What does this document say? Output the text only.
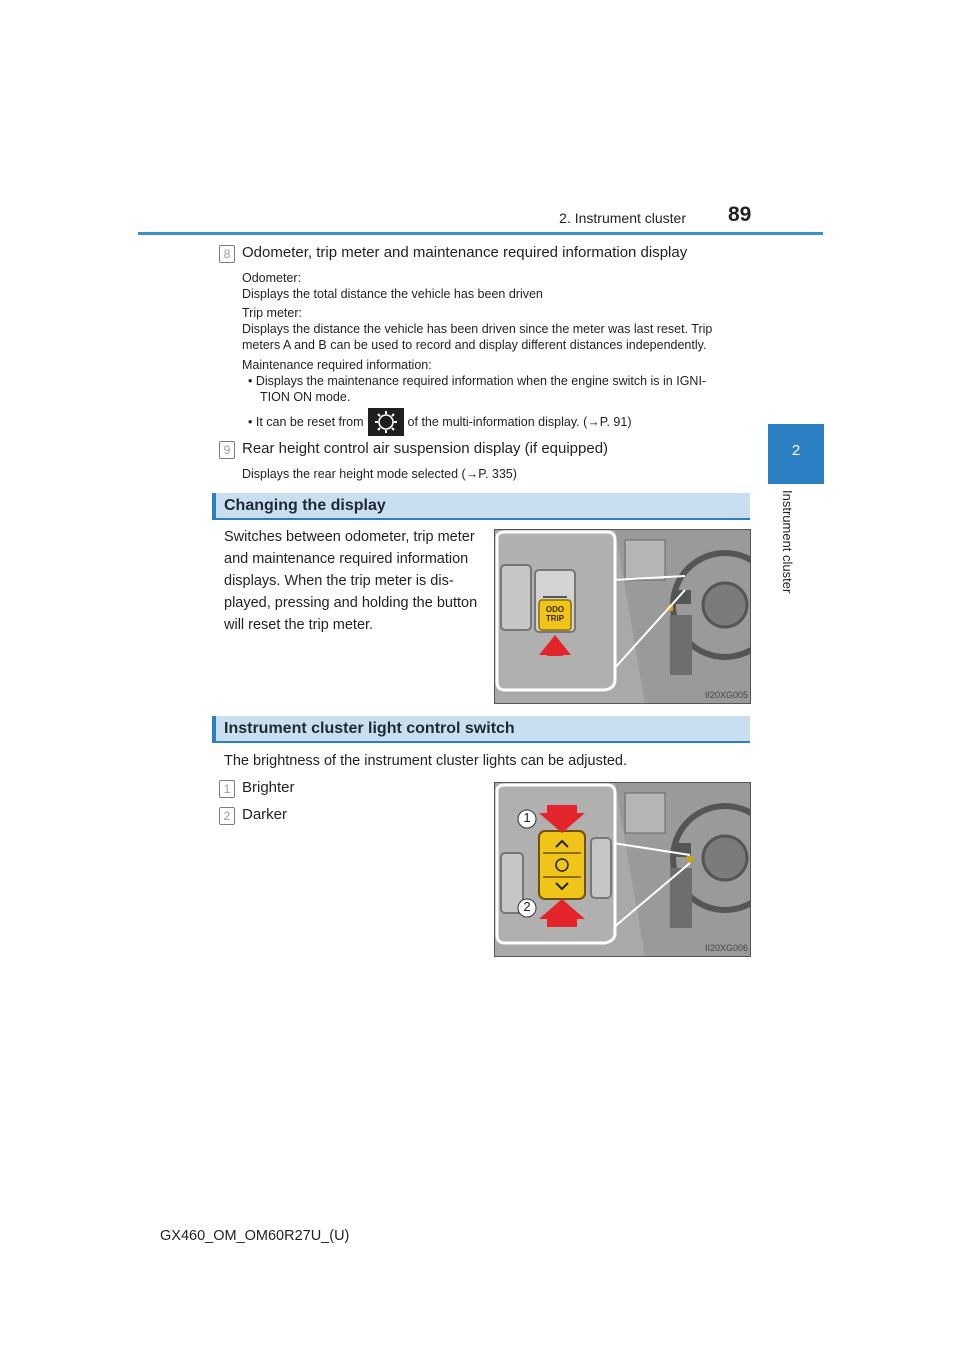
2. Instrument cluster 89
2
Instrument cluster
8 Odometer, trip meter and maintenance required information display
Odometer:
Displays the total distance the vehicle has been driven
Trip meter:
Displays the distance the vehicle has been driven since the meter was last reset. Trip
meters A and B can be used to record and display different distances independently.
Maintenance required information:
• Displays the maintenance required information when the engine switch is in IGNI-
TION ON mode.
• It can be reset from	of the multi-information display. (→P. 91)
9 Rear height control air suspension display (if equipped)
Displays the rear height mode selected (→P. 335)
Changing the display
Switches between odometer, trip meter
and maintenance required information
displays. When the trip meter is dis-
played, pressing and holding the button
will reset the trip meter.
ODO
TRIP
II20XG005
Instrument cluster light control switch
The brightness of the instrument cluster lights can be adjusted.
1 Brighter
2 Darker	1
2
II20XG006
GX460_OM_OM60R27U_(U)
